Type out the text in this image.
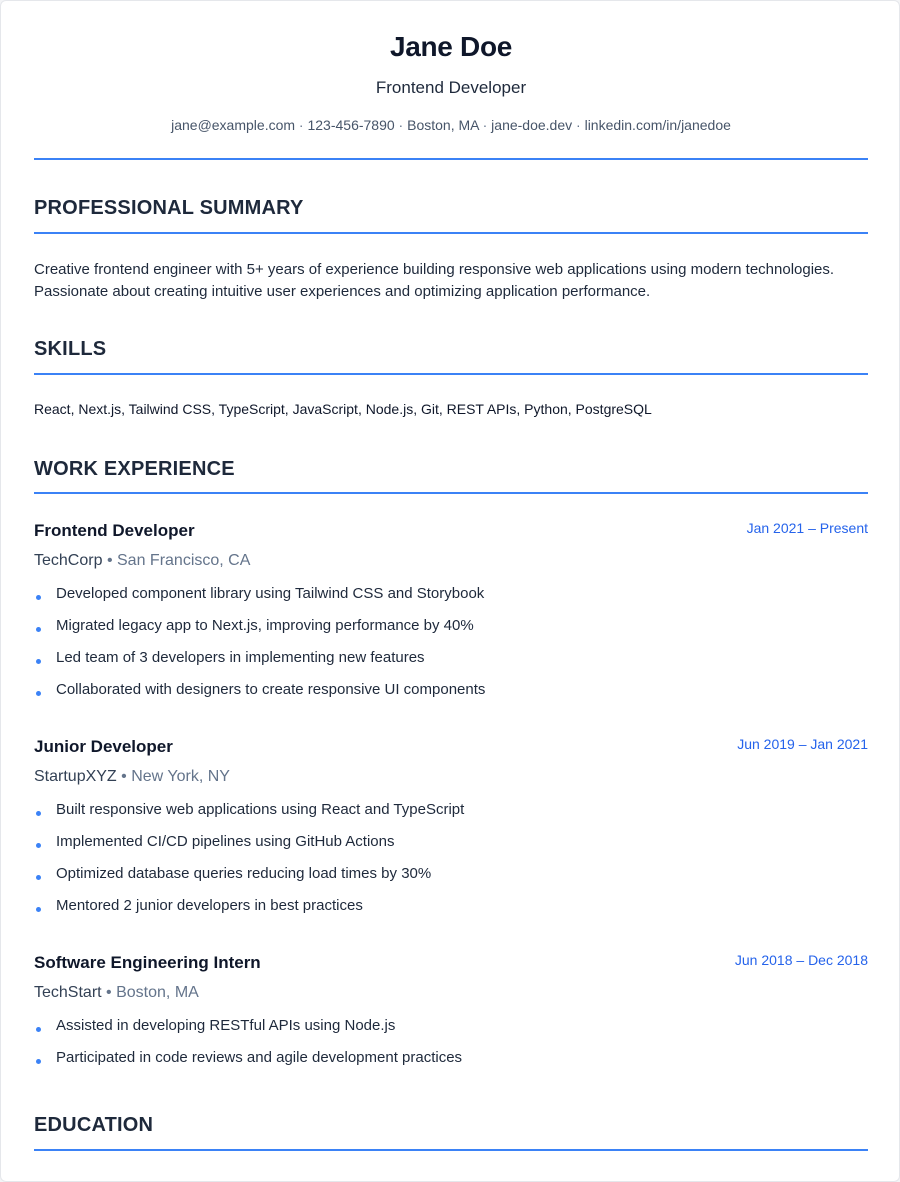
Jane Doe
Frontend Developer
jane@example.com · 123-456-7890 · Boston, MA · jane-doe.dev · linkedin.com/in/janedoe
PROFESSIONAL SUMMARY
Creative frontend engineer with 5+ years of experience building responsive web applications using modern technologies. Passionate about creating intuitive user experiences and optimizing application performance.
SKILLS
React, Next.js, Tailwind CSS, TypeScript, JavaScript, Node.js, Git, REST APIs, Python, PostgreSQL
WORK EXPERIENCE
Frontend Developer	Jan 2021 – Present
TechCorp • San Francisco, CA
Developed component library using Tailwind CSS and Storybook
Migrated legacy app to Next.js, improving performance by 40%
Led team of 3 developers in implementing new features
Collaborated with designers to create responsive UI components
Junior Developer	Jun 2019 – Jan 2021
StartupXYZ • New York, NY
Built responsive web applications using React and TypeScript
Implemented CI/CD pipelines using GitHub Actions
Optimized database queries reducing load times by 30%
Mentored 2 junior developers in best practices
Software Engineering Intern	Jun 2018 – Dec 2018
TechStart • Boston, MA
Assisted in developing RESTful APIs using Node.js
Participated in code reviews and agile development practices
EDUCATION
